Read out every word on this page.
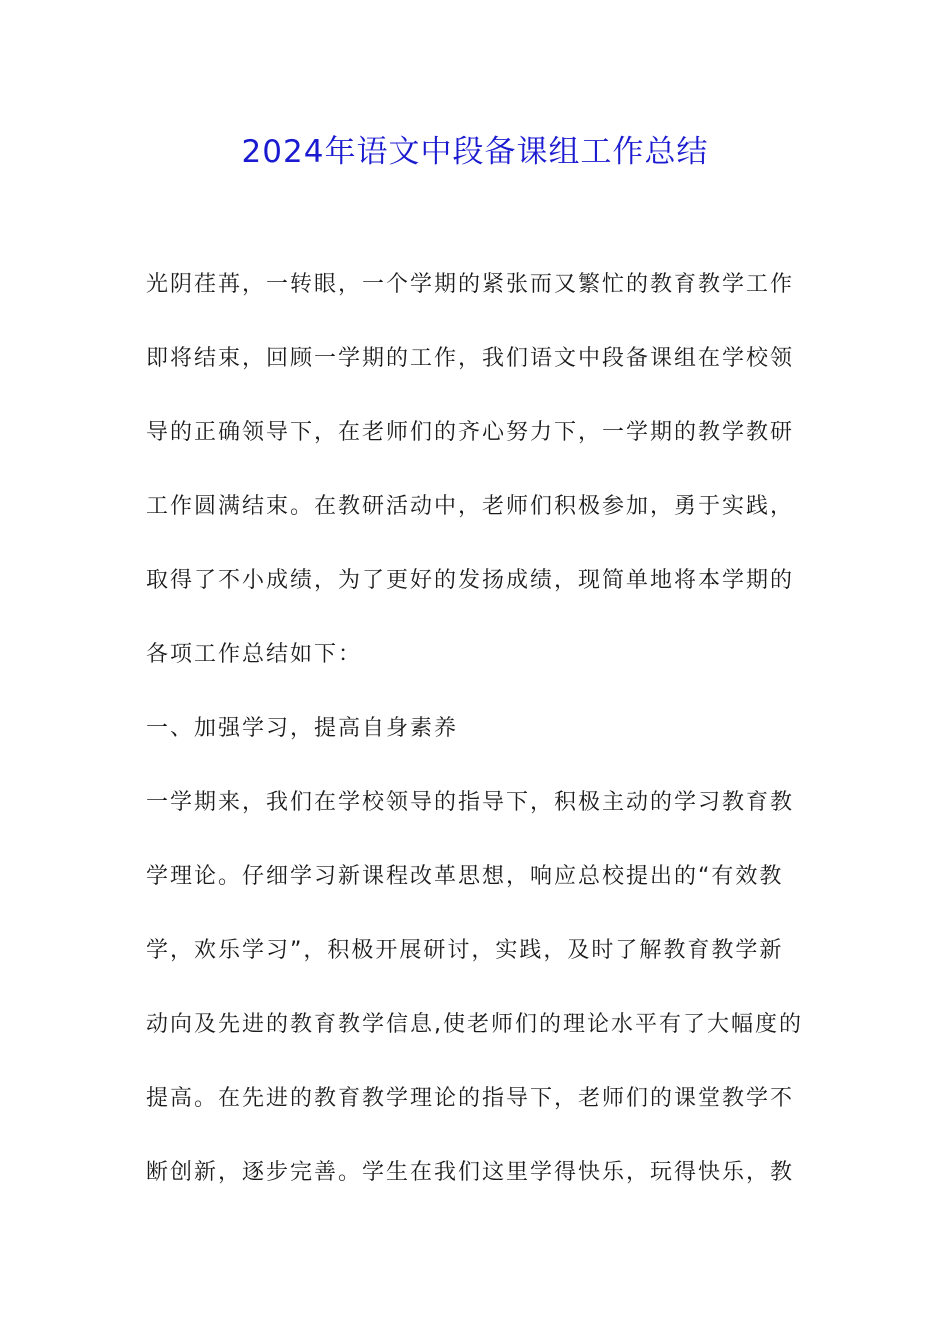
2024年语文中段备课组工作总结
光阴荏苒，一转眼，一个学期的紧张而又繁忙的教育教学工作
即将结束，回顾一学期的工作，我们语文中段备课组在学校领
导的正确领导下，在老师们的齐心努力下，一学期的教学教研
工作圆满结束。在教研活动中，老师们积极参加，勇于实践，
取得了不小成绩，为了更好的发扬成绩，现简单地将本学期的
各项工作总结如下：
一、加强学习，提高自身素养
一学期来，我们在学校领导的指导下，积极主动的学习教育教
学理论。仔细学习新课程改革思想，响应总校提出的“有效教
学，欢乐学习”，积极开展研讨，实践，及时了解教育教学新
动向及先进的教育教学信息,使老师们的理论水平有了大幅度的
提高。在先进的教育教学理论的指导下，老师们的课堂教学不
断创新，逐步完善。学生在我们这里学得快乐，玩得快乐，教
